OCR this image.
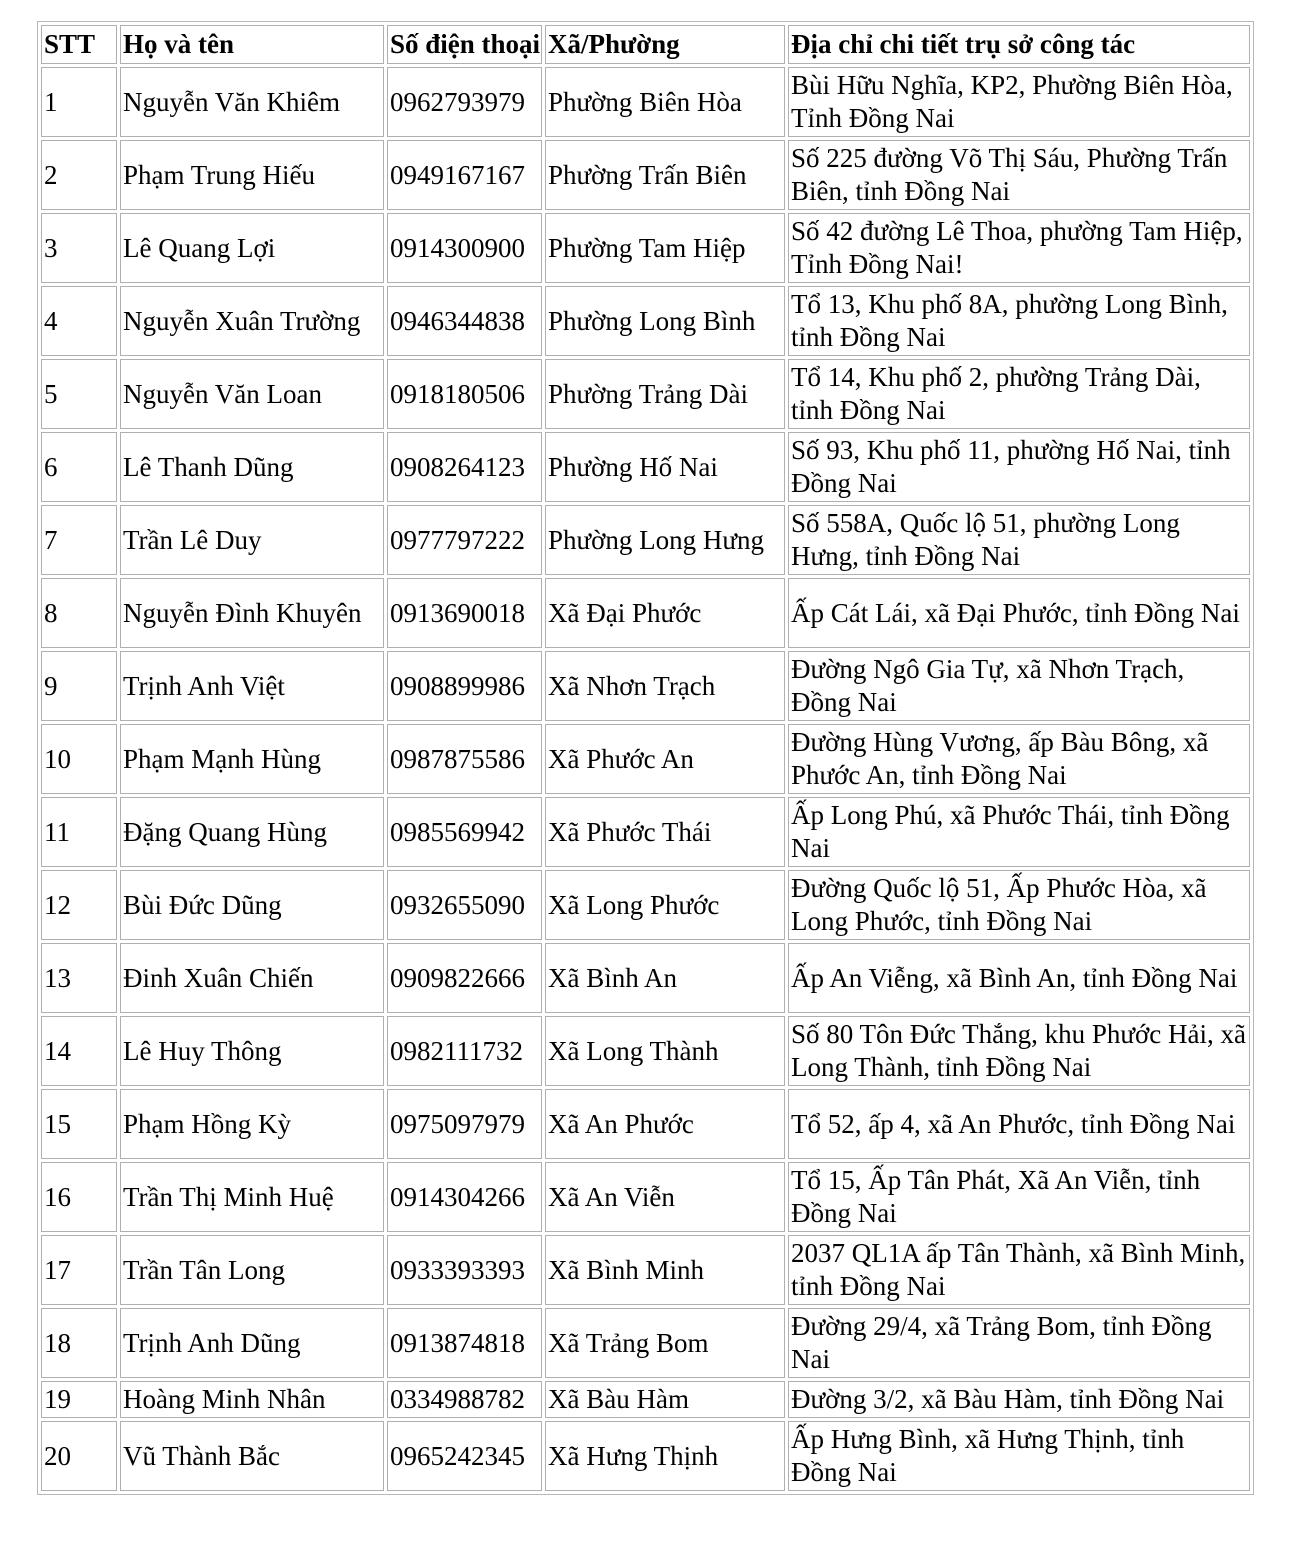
STT	Họ và tên	Số điện thoại	Xã/Phường	Địa chỉ chi tiết trụ sở công tác
1	Nguyễn Văn Khiêm	0962793979	Phường Biên Hòa	Bùi Hữu Nghĩa, KP2, Phường Biên Hòa, Tỉnh Đồng Nai
2	Phạm Trung Hiếu	0949167167	Phường Trấn Biên	Số 225 đường Võ Thị Sáu, Phường Trấn Biên, tỉnh Đồng Nai
3	Lê Quang Lợi	0914300900	Phường Tam Hiệp	Số 42 đường Lê Thoa, phường Tam Hiệp, Tỉnh Đồng Nai!
4	Nguyễn Xuân Trường	0946344838	Phường Long Bình	Tổ 13, Khu phố 8A, phường Long Bình, tỉnh Đồng Nai
5	Nguyễn Văn Loan	0918180506	Phường Trảng Dài	Tổ 14, Khu phố 2, phường Trảng Dài, tỉnh Đồng Nai
6	Lê Thanh Dũng	0908264123	Phường Hố Nai	Số 93, Khu phố 11, phường Hố Nai, tỉnh Đồng Nai
7	Trần Lê Duy	0977797222	Phường Long Hưng	Số 558A, Quốc lộ 51, phường Long Hưng, tỉnh Đồng Nai
8	Nguyễn Đình Khuyên	0913690018	Xã Đại Phước	Ấp Cát Lái, xã Đại Phước, tỉnh Đồng Nai
9	Trịnh Anh Việt	0908899986	Xã Nhơn Trạch	Đường Ngô Gia Tự, xã Nhơn Trạch, Đồng Nai
10	Phạm Mạnh Hùng	0987875586	Xã Phước An	Đường Hùng Vương, ấp Bàu Bông, xã Phước An, tỉnh Đồng Nai
11	Đặng Quang Hùng	0985569942	Xã Phước Thái	Ấp Long Phú, xã Phước Thái, tỉnh Đồng Nai
12	Bùi Đức Dũng	0932655090	Xã Long Phước	Đường Quốc lộ 51, Ấp Phước Hòa, xã Long Phước, tỉnh Đồng Nai
13	Đinh Xuân Chiến	0909822666	Xã Bình An	Ấp An Viễng, xã Bình An, tỉnh Đồng Nai
14	Lê Huy Thông	0982111732	Xã Long Thành	Số 80 Tôn Đức Thắng, khu Phước Hải, xã Long Thành, tỉnh Đồng Nai
15	Phạm Hồng Kỳ	0975097979	Xã An Phước	Tổ 52, ấp 4, xã An Phước, tỉnh Đồng Nai
16	Trần Thị Minh Huệ	0914304266	Xã An Viễn	Tổ 15, Ấp Tân Phát, Xã An Viễn, tỉnh Đồng Nai
17	Trần Tân Long	0933393393	Xã Bình Minh	2037 QL1A ấp Tân Thành, xã Bình Minh, tỉnh Đồng Nai
18	Trịnh Anh Dũng	0913874818	Xã Trảng Bom	Đường 29/4, xã Trảng Bom, tỉnh Đồng Nai
19	Hoàng Minh Nhân	0334988782	Xã Bàu Hàm	Đường 3/2, xã Bàu Hàm, tỉnh Đồng Nai
20	Vũ Thành Bắc	0965242345	Xã Hưng Thịnh	Ấp Hưng Bình, xã Hưng Thịnh, tỉnh Đồng Nai
